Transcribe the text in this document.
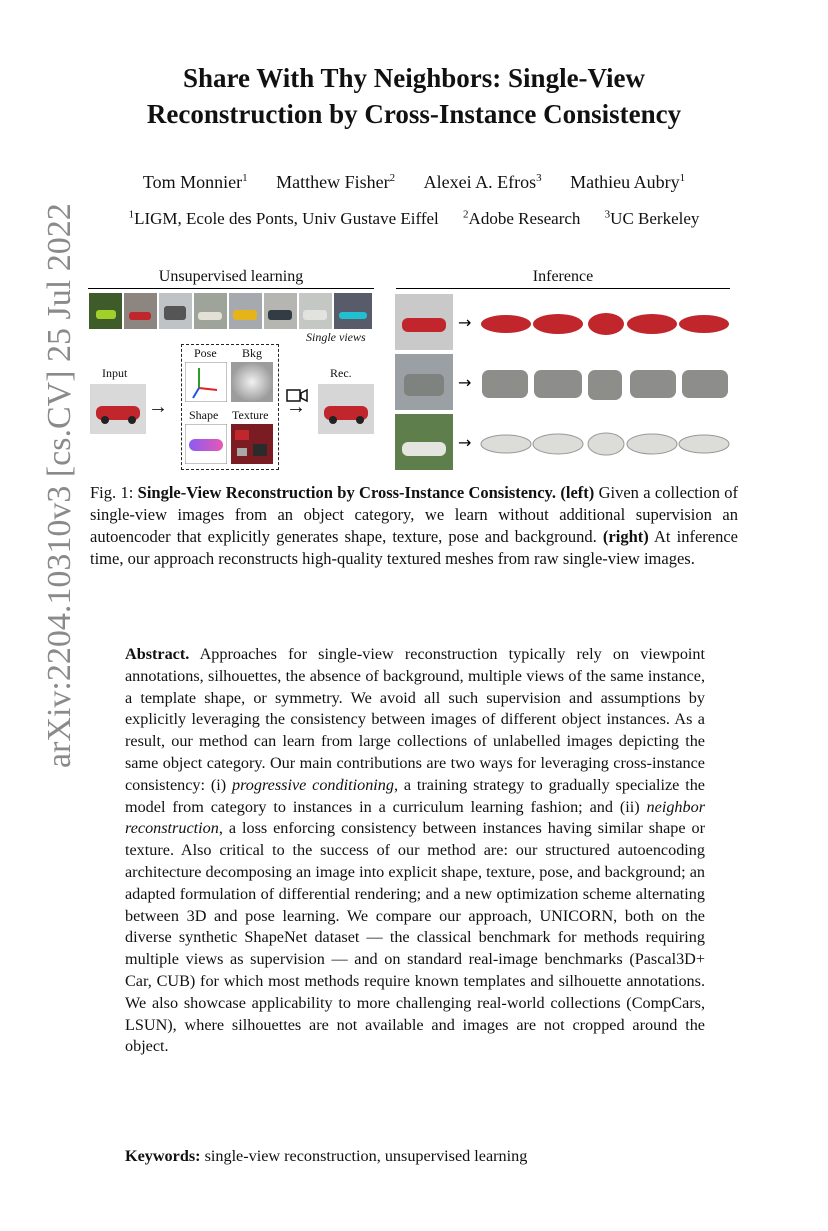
arXiv:2204.10310v3 [cs.CV] 25 Jul 2022
Share With Thy Neighbors: Single-View
Reconstruction by Cross-Instance Consistency
Tom Monnier$^1$ Matthew Fisher$^2$ Alexei A. Efros$^3$ Mathieu Aubry$^1$
$^1$LIGM, Ecole des Ponts, Univ Gustave Eiffel $^2$Adobe Research $^3$UC Berkeley
Unsupervised learning
Single views
Input
→
Pose Bkg
Shape Texture →
Rec.
Inference
→
→
→
Fig. 1: Single-View Reconstruction by Cross-Instance Consistency. (left) Given a collection of single-view images from an object category, we learn without additional supervision an autoencoder that explicitly generates shape, texture, pose and background. (right) At inference time, our approach reconstructs high-quality textured meshes from raw single-view images.
Abstract. Approaches for single-view reconstruction typically rely on viewpoint annotations, silhouettes, the absence of background, multiple views of the same instance, a template shape, or symmetry. We avoid all such supervision and assumptions by explicitly leveraging the consistency between images of different object instances. As a result, our method can learn from large collections of unlabelled images depicting the same object category. Our main contributions are two ways for leveraging cross-instance consistency: (i) progressive conditioning, a training strategy to gradually specialize the model from category to instances in a curriculum learning fashion; and (ii) neighbor reconstruction, a loss enforcing consistency between instances having similar shape or texture. Also critical to the success of our method are: our structured autoencoding architecture decomposing an image into explicit shape, texture, pose, and background; an adapted formulation of differential rendering; and a new optimization scheme alternating between 3D and pose learning. We compare our approach, UNICORN, both on the diverse synthetic ShapeNet dataset — the classical benchmark for methods requiring multiple views as supervision — and on standard real-image benchmarks (Pascal3D+ Car, CUB) for which most methods require known templates and silhouette annotations. We also showcase applicability to more challenging real-world collections (CompCars, LSUN), where silhouettes are not available and images are not cropped around the object.
Keywords: single-view reconstruction, unsupervised learning
